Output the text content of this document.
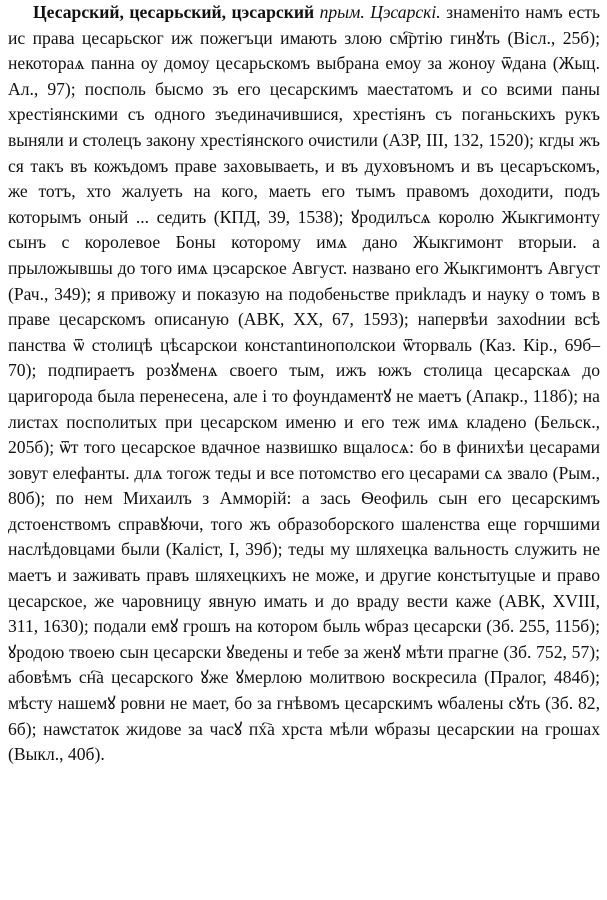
Цесарский, цесарьский, цэсарский прым. Цэсарскі. знаменіто намъ есть ис права цесарьског иж пожегъци имають злою см҇ртію гинꙋть (Вісл., 25б); некотораѧ панна оу домоу цесарьскомъ выбрана емоу за жоноу ѿдана (Жыц. Ал., 97); посполь бысмо зъ его цесарскимъ маестатомъ и со всими паны хрестіянскими съ одного зъединачившися, хрестіянъ съ поганьскихъ рукъ выняли и столецъ закону хрестіянского очистили (АЗР, III, 132, 1520); кгды жъ ся такъ въ кожъдомъ праве заховываеть, и въ духовъномъ и въ цесаръскомъ, же тотъ, хто жалуеть на кого, маеть его тымъ правомъ доходити, подъ которымъ оный ... седить (КПД, 39, 1538); ꙋродилъсѧ королю Жыкгимонту сынъ с королевое Боны которому имѧ дано Жыкгимонт вторыи. а прыложывшы до того имѧ цэсарское Август. названо его Жыкгимонтъ Август (Рач., 349); я привожу и показую на подобеньстве приkладъ и науку о томъ в праве цесарскомъ описаную (АВК, XX, 67, 1593); напервѣи захоdнии всѣ панства ѿ столицѣ цѣсарскои констаntинополскои ѿторваль (Каз. Кір., 69б–70); подпираетъ розꙋменѧ своего тым, ижъ южъ столица цесарскаѧ до царигорода была перенесена, але і то фоундаментꙋ не маетъ (Апакр., 118б); на листах посполитых при цесарском именю и его теж имѧ кладено (Бельск., 205б); ѿт того цесарское вдачное назвишко вщалосѧ: бо в финихѣи цесарами зовут елефанты. длѧ тогож теды и все потомство его цесарами сѧ звало (Рым., 80б); по нем Михаилъ з Амморій: а зась Ѳеофиль сын его цесарскимъ дстоенствомъ справꙋючи, того жъ образоборского шаленства еще горчшими наслѣдовцами были (Каліст, І, 39б); теды му шляхецка вальность служить не маетъ и заживать правъ шляхецкихъ не може, и другие констытуцые и право цесарское, же чаровницу явную имать и до враду вести каже (АВК, XVIII, 311, 1630); подали емꙋ грошъ на котором быль ѡбраз цесарски (Зб. 255, 115б); ꙋродою твоею сын цесарски ꙋведены и тебе за женꙋ мѣти прагне (Зб. 752, 57); абовѣмъ сн҇а цесарского ꙋже ꙋмерлою молитвою воскресила (Пралог, 484б); мѣсту нашемꙋ ровни не мает, бо за гнѣвомъ цесарскимъ ѡбалены сꙋть (Зб. 82, 6б); наѡстаток жидове за часꙋ пх҇а хрста мѣли ѡбразы цесарскии на грошах (Выкл., 40б).
